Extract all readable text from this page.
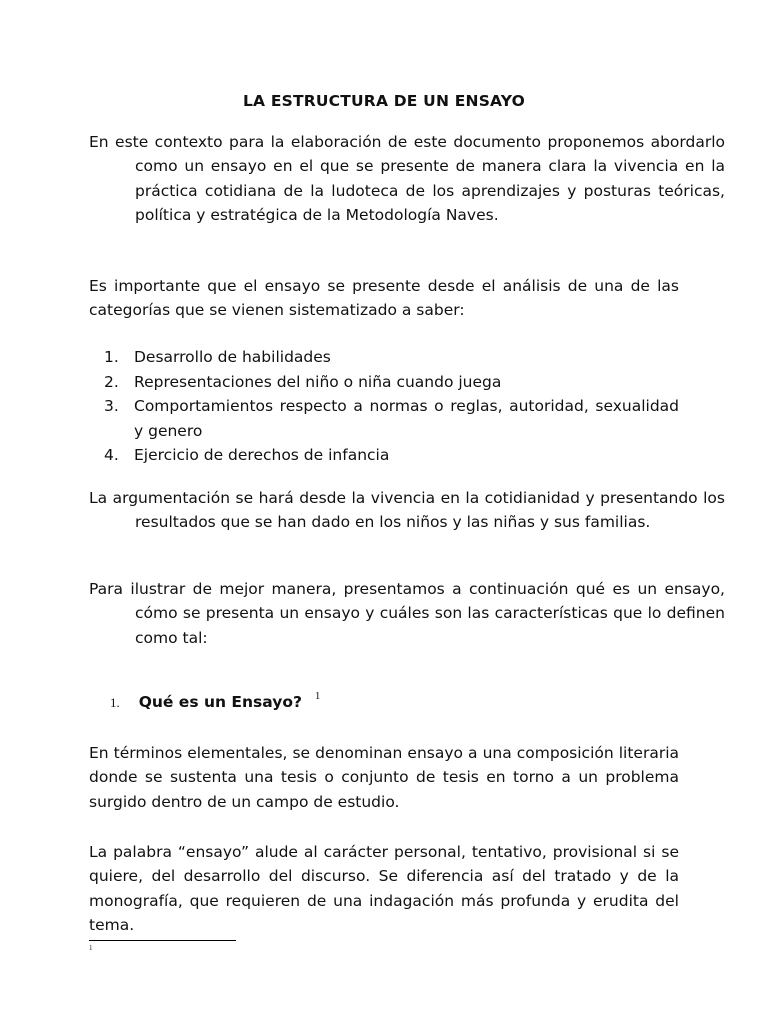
LA ESTRUCTURA DE UN ENSAYO
En este contexto para la elaboración de este documento proponemos abordarlo como un ensayo en el que se presente de manera clara la vivencia en la práctica cotidiana de la ludoteca de los aprendizajes y posturas teóricas, política y estratégica de la Metodología Naves.
Es importante que el ensayo se presente desde el análisis de una de las categorías que se vienen sistematizado a saber:
1. Desarrollo de habilidades
2. Representaciones del niño o niña cuando juega
3. Comportamientos respecto a normas o reglas, autoridad, sexualidad y genero
4. Ejercicio de derechos de infancia
La argumentación se hará desde la vivencia en la cotidianidad y presentando los resultados que se han dado en los niños y las niñas y sus familias.
Para ilustrar de mejor manera, presentamos a continuación qué es un ensayo, cómo se presenta un ensayo y cuáles son las características que lo definen como tal:
1. Qué es un Ensayo? $^1$
En términos elementales, se denominan ensayo a una composición literaria donde se sustenta una tesis o conjunto de tesis en torno a un problema surgido dentro de un campo de estudio.
La palabra “ensayo” alude al carácter personal, tentativo, provisional si se quiere, del desarrollo del discurso. Se diferencia así del tratado y de la monografía, que requieren de una indagación más profunda y erudita del tema.
1
